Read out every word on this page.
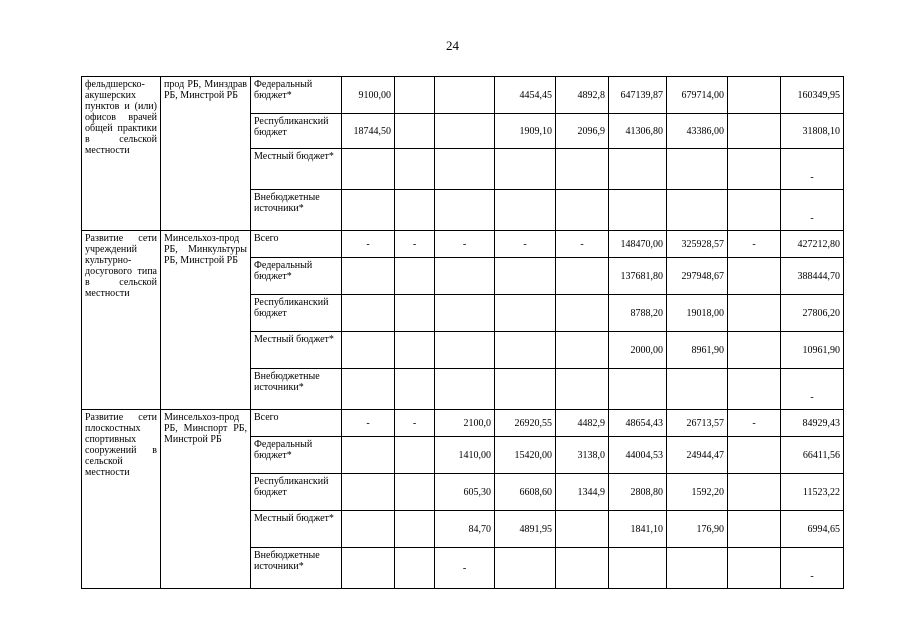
24
фельдшерско-акушерских пунктов и (или) офисов врачей общей практики в сельской местности	прод РБ, Минздрав РБ, Минстрой РБ	Федеральный бюджет*	9100,00			4454,45	4892,8	647139,87	679714,00		160349,95
		Республиканский бюджет	18744,50			1909,10	2096,9	41306,80	43386,00		31808,10
		Местный бюджет*									-
		Внебюджетные источники*									-
Развитие сети учреждений культурно-досугового типа в сельской местности	Минсельхоз-прод РБ, Минкультуры РБ, Минстрой РБ	Всего	-	-	-	-	-	148470,00	325928,57	-	427212,80
		Федеральный бюджет*						137681,80	297948,67		388444,70
		Республиканский бюджет						8788,20	19018,00		27806,20
		Местный бюджет*						2000,00	8961,90		10961,90
		Внебюджетные источники*									-
Развитие сети плоскостных спортивных сооружений в сельской местности	Минсельхоз-прод РБ, Минспорт РБ, Минстрой РБ	Всего	-	-	2100,0	26920,55	4482,9	48654,43	26713,57	-	84929,43
		Федеральный бюджет*			1410,00	15420,00	3138,0	44004,53	24944,47		66411,56
		Республиканский бюджет			605,30	6608,60	1344,9	2808,80	1592,20		11523,22
		Местный бюджет*			84,70	4891,95		1841,10	176,90		6994,65
		Внебюджетные источники*			-						-
